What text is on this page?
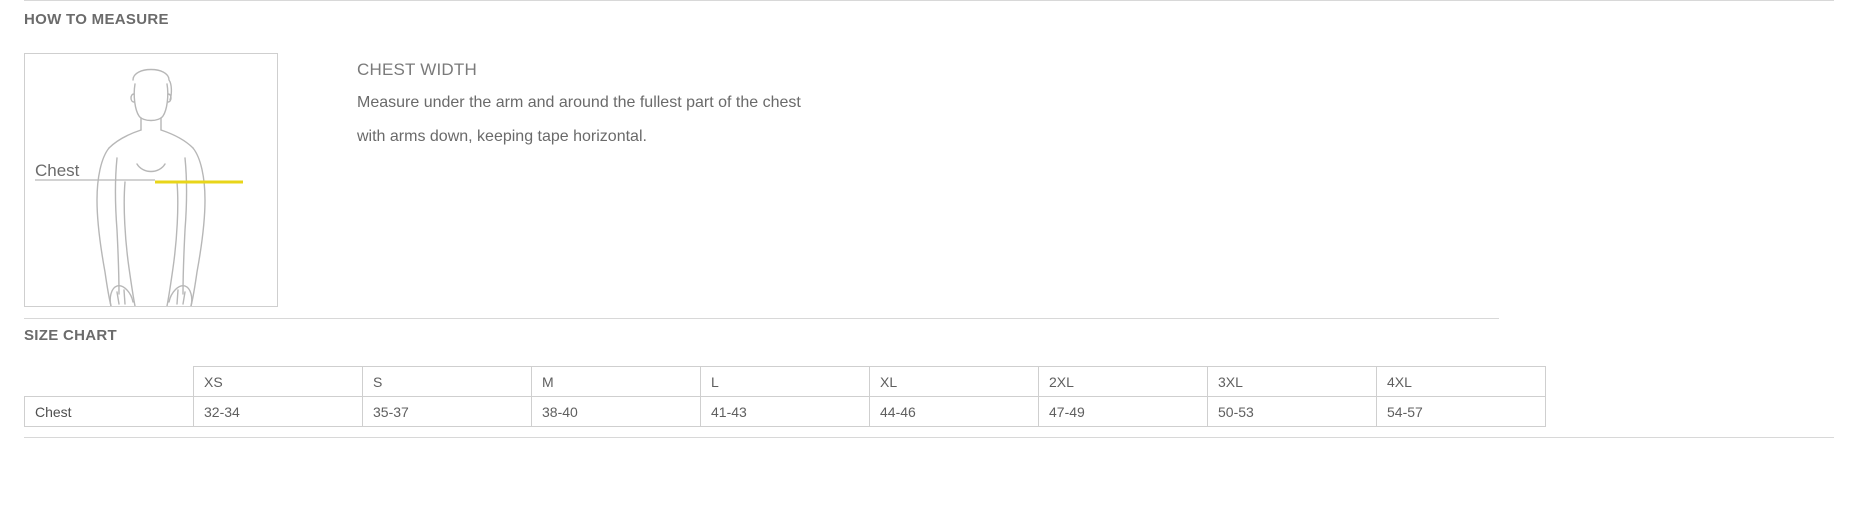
HOW TO MEASURE
Chest
CHEST WIDTH
Measure under the arm and around the fullest part of the chest
with arms down, keeping tape horizontal.
SIZE CHART
	XS	S	M	L	XL	2XL	3XL	4XL
Chest	32-34	35-37	38-40	41-43	44-46	47-49	50-53	54-57
